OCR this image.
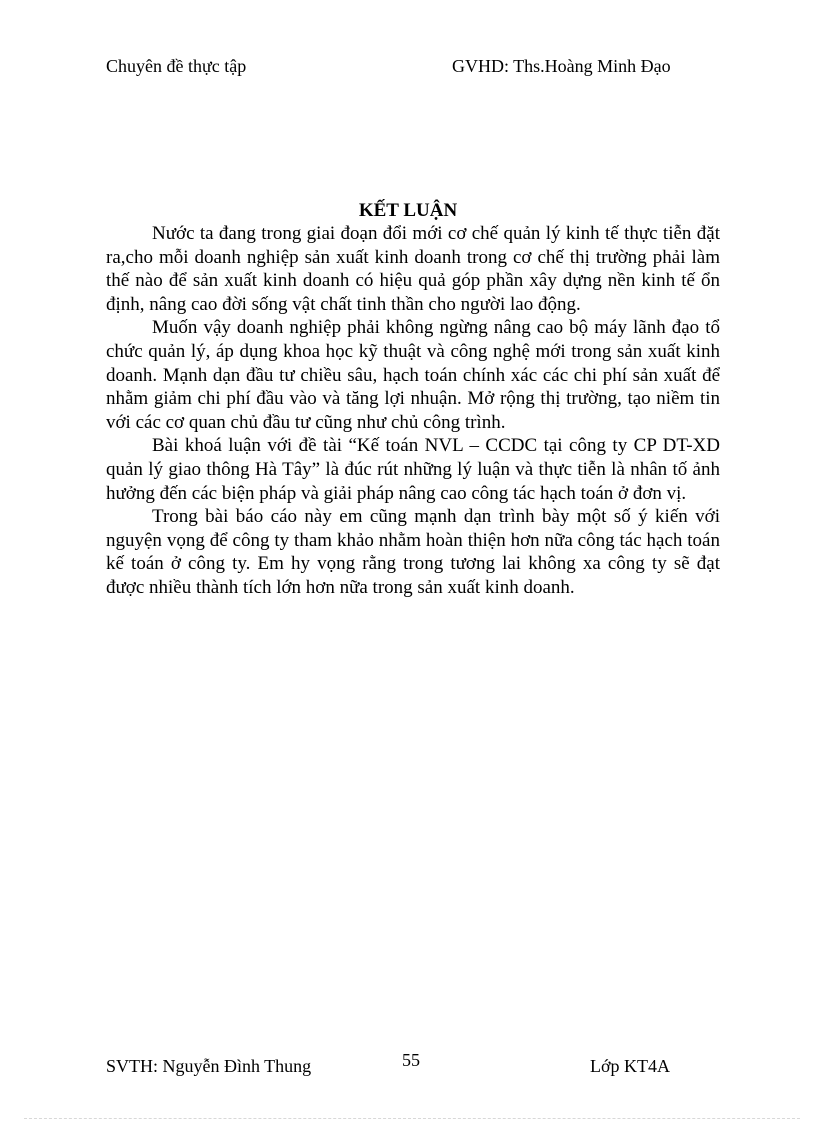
Chuyên đề thực tập	GVHD: Ths.Hoàng Minh Đạo
KẾT LUẬN

Nước ta đang trong giai đoạn đổi mới cơ chế quản lý kinh tế thực tiễn đặt ra,cho mỗi doanh nghiệp sản xuất kinh doanh trong cơ chế thị trường phải làm thế nào để sản xuất kinh doanh có hiệu quả góp phần xây dựng nền kinh tế ổn định, nâng cao đời sống vật chất tinh thần cho người lao động.

Muốn vậy doanh nghiệp phải không ngừng nâng cao bộ máy lãnh đạo tổ chức quản lý, áp dụng khoa học kỹ thuật và công nghệ mới trong sản xuất kinh doanh. Mạnh dạn đầu tư chiều sâu, hạch toán chính xác các chi phí sản xuất để nhằm giảm chi phí đầu vào và tăng lợi nhuận. Mở rộng thị trường, tạo niềm tin với các cơ quan chủ đầu tư cũng như chủ công trình.

Bài khoá luận với đề tài “Kế toán NVL – CCDC tại công ty CP DT-XD quản lý giao thông Hà Tây” là đúc rút những lý luận và thực tiễn là nhân tố ảnh hưởng đến các biện pháp và giải pháp nâng cao công tác hạch toán ở đơn vị.

Trong bài báo cáo này em cũng mạnh dạn trình bày một số ý kiến với nguyện vọng để công ty tham khảo nhằm hoàn thiện hơn nữa công tác hạch toán kế toán ở công ty. Em hy vọng rằng trong tương lai không xa công ty sẽ đạt được nhiều thành tích lớn hơn nữa trong sản xuất kinh doanh.

SVTH: Nguyễn Đình Thung	55	Lớp KT4A
